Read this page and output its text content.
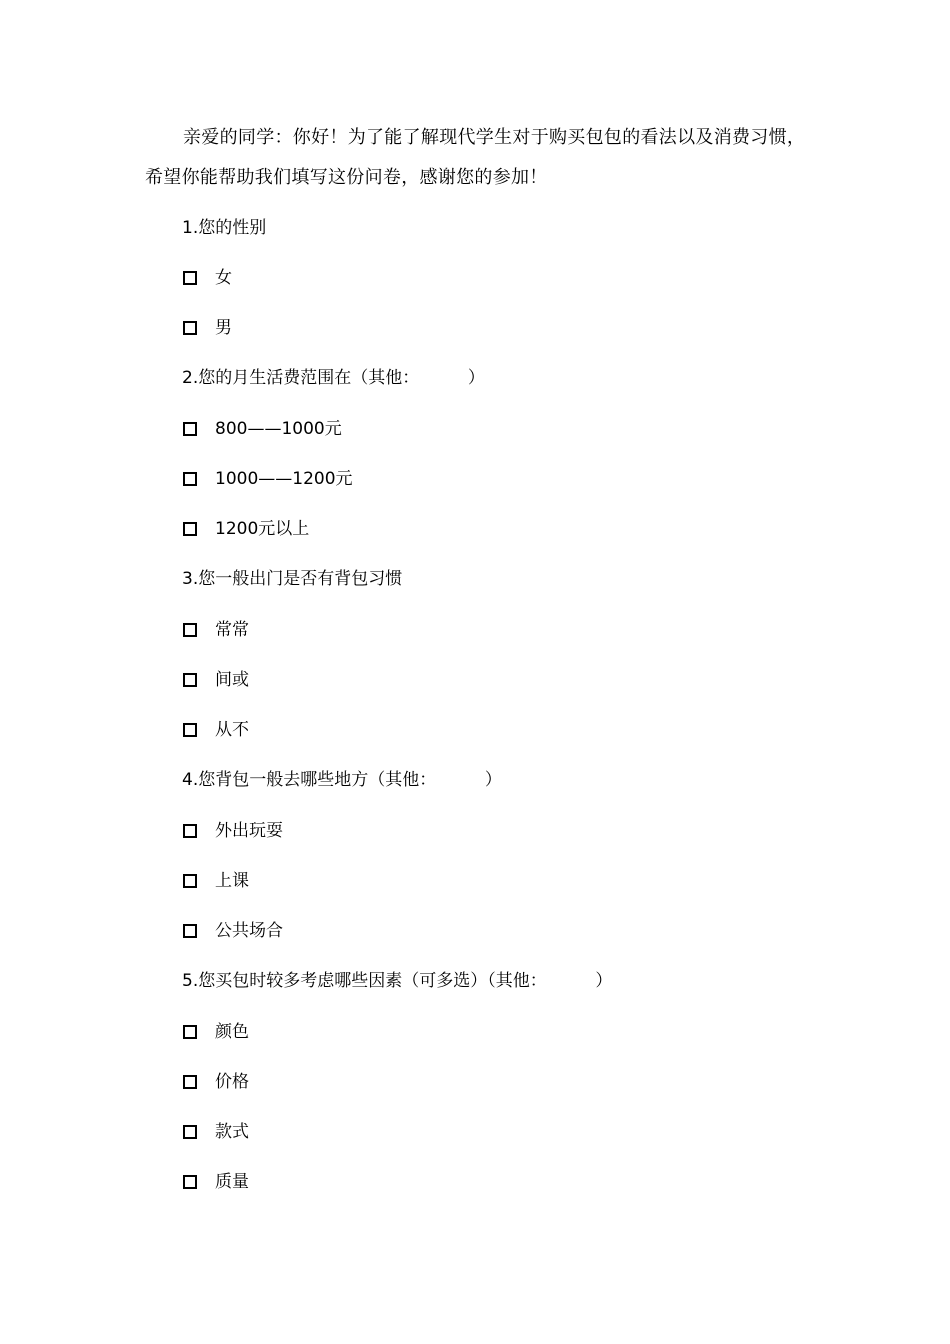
亲爱的同学：你好！为了能了解现代学生对于购买包包的看法以及消费习惯，希望你能帮助我们填写这份问卷，感谢您的参加！
1.您的性别
女
男
2.您的月生活费范围在（其他：         ）
800——1000元
1000——1200元
1200元以上
3.您一般出门是否有背包习惯
常常
间或
从不
4.您背包一般去哪些地方（其他：         ）
外出玩耍
上课
公共场合
5.您买包时较多考虑哪些因素（可多选）（其他：         ）
颜色
价格
款式
质量
